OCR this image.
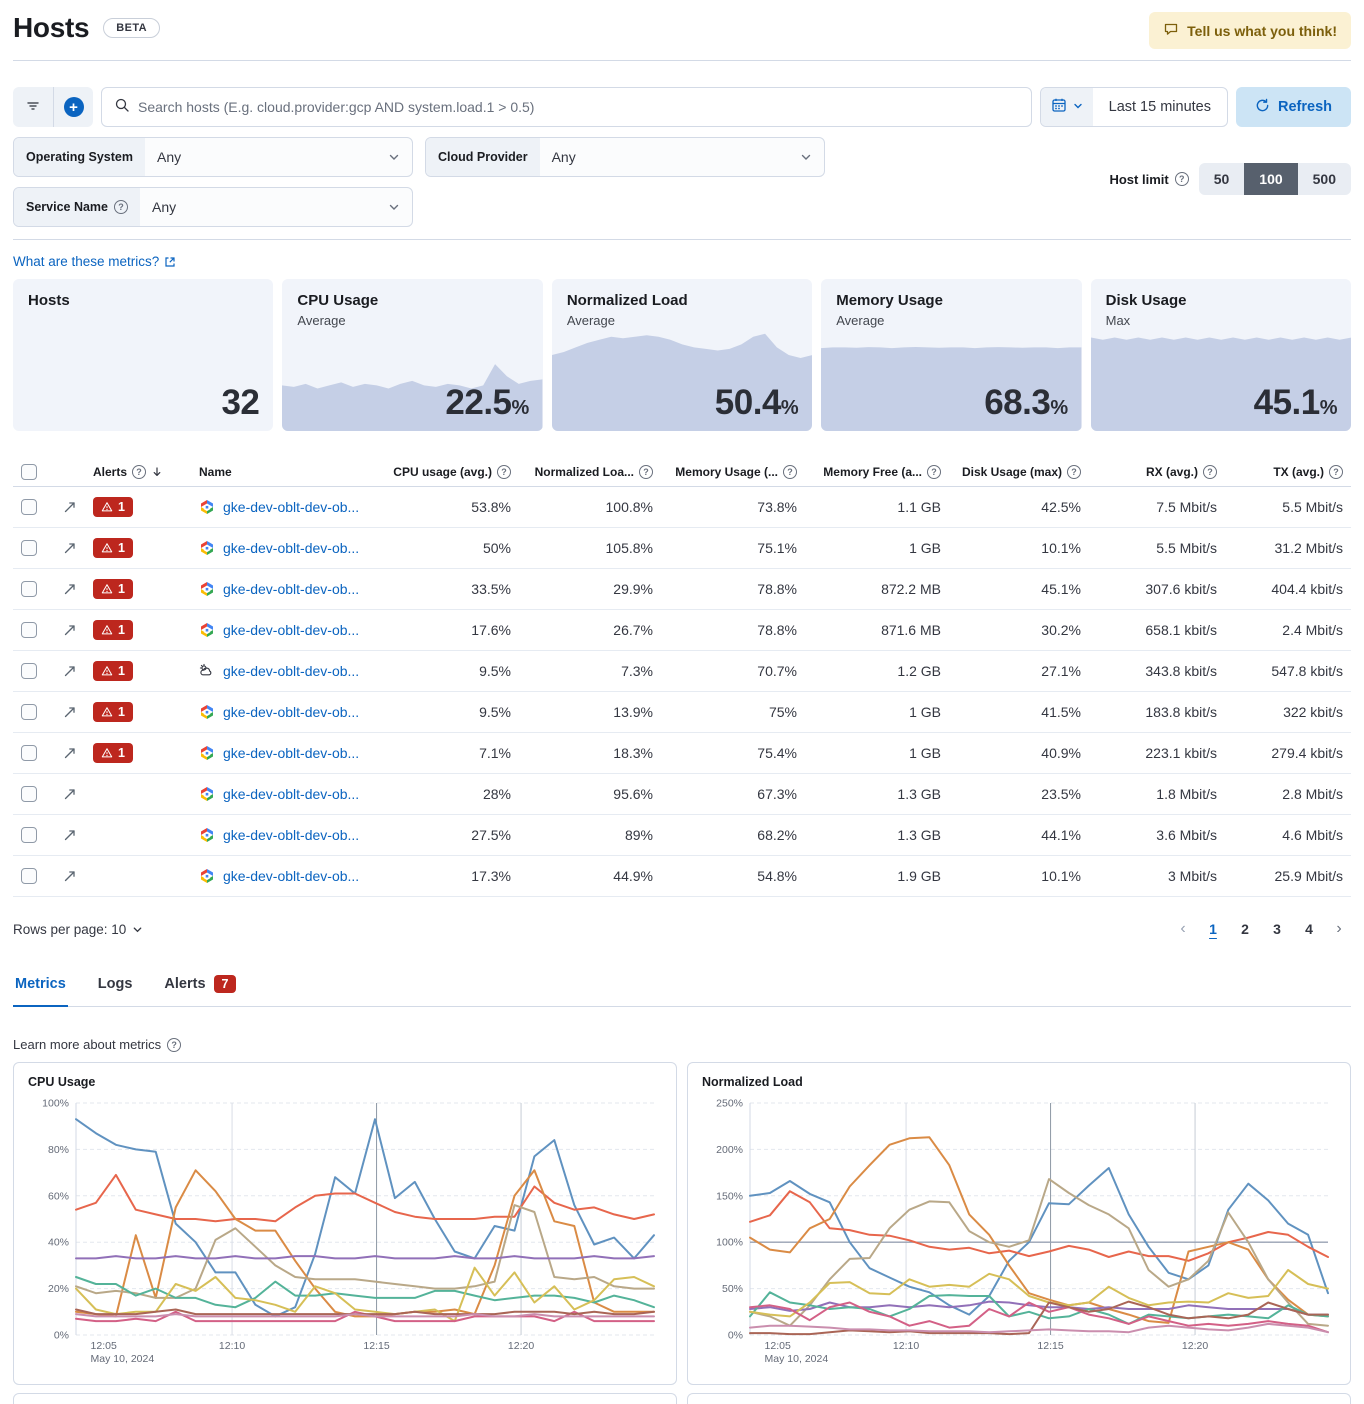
Hosts	BETA	Tell us what you think!
+
Search hosts (E.g. cloud.provider:gcp AND system.load.1 > 0.5)	Last 15 minutes	Refresh
Operating System Any	Cloud Provider Any
Service Name	?	Any
Host limit	?	50	100	500
What are these metrics?
Hosts
32
CPU Usage
Average
22.5%
Normalized Load
Average
50.4%
Memory Usage
Average
68.3%
Disk Usage
Max
45.1%
Alerts	?	Name	CPU usage (avg.)	?	Normalized Loa...	?	Memory Usage (...	?	Memory Free (a...	?	Disk Usage (max)	?	RX (avg.)	?	TX (avg.)	?
1	gke-dev-oblt-dev-ob...	53.8%	100.8%	73.8%	1.1 GB	42.5%	7.5 Mbit/s	5.5 Mbit/s
1	gke-dev-oblt-dev-ob...	50%	105.8%	75.1%	1 GB	10.1%	5.5 Mbit/s	31.2 Mbit/s
1	gke-dev-oblt-dev-ob...	33.5%	29.9%	78.8%	872.2 MB	45.1%	307.6 kbit/s	404.4 kbit/s
1	gke-dev-oblt-dev-ob...	17.6%	26.7%	78.8%	871.6 MB	30.2%	658.1 kbit/s	2.4 Mbit/s
1	gke-dev-oblt-dev-ob...	9.5%	7.3%	70.7%	1.2 GB	27.1%	343.8 kbit/s	547.8 kbit/s
1	gke-dev-oblt-dev-ob...	9.5%	13.9%	75%	1 GB	41.5%	183.8 kbit/s	322 kbit/s
1	gke-dev-oblt-dev-ob...	7.1%	18.3%	75.4%	1 GB	40.9%	223.1 kbit/s	279.4 kbit/s
gke-dev-oblt-dev-ob...	28%	95.6%	67.3%	1.3 GB	23.5%	1.8 Mbit/s	2.8 Mbit/s
gke-dev-oblt-dev-ob...	27.5%	89%	68.2%	1.3 GB	44.1%	3.6 Mbit/s	4.6 Mbit/s
gke-dev-oblt-dev-ob...	17.3%	44.9%	54.8%	1.9 GB	10.1%	3 Mbit/s	25.9 Mbit/s
Rows per page: 10	‹	1	2	3	4	›
Metrics Logs Alerts	7
Learn more about metrics	?
CPU Usage
0%
20%
40%
60%
80%
100%
12:05
May 10, 2024
12:10	12:15	12:20
Normalized Load
0%
50%
100%
150%
200%
250%
12:05
May 10, 2024
12:10	12:15	12:20
